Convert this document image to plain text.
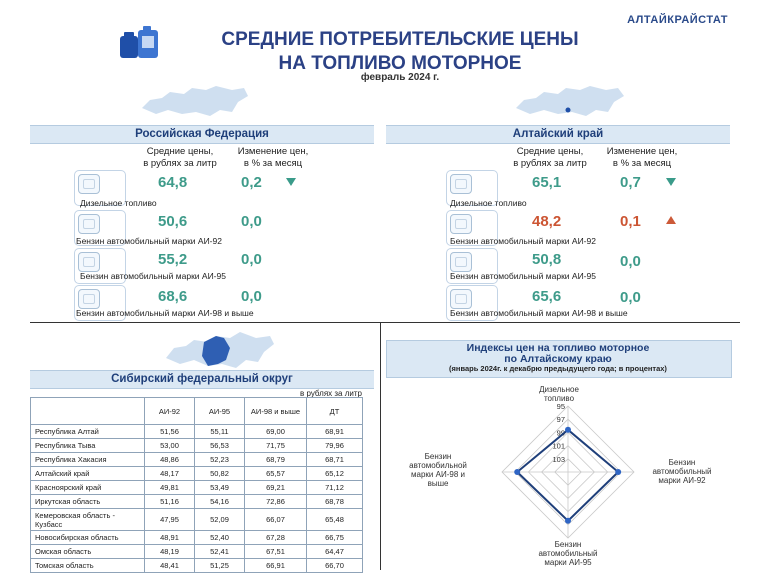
АЛТАЙКРАЙСТАТ
СРЕДНИЕ ПОТРЕБИТЕЛЬСКИЕ ЦЕНЫ
НА ТОПЛИВО МОТОРНОЕ
февраль 2024 г.
Российская Федерация
Средние цены,
в рублях за литр
Изменение цен,
в % за месяц
Алтайский край
Средние цены,
в рублях за литр
Изменение цен,
в % за месяц
64,8	0,2
Дизельное топливо
50,6	0,0
Бензин автомобильный марки АИ-92
55,2	0,0
Бензин автомобильный марки АИ-95
68,6	0,0
Бензин автомобильный марки АИ-98 и выше
65,1	0,7
Дизельное топливо
48,2	0,1
Бензин автомобильный марки АИ-92
50,8	0,0
Бензин автомобильный марки АИ-95
65,6	0,0
Бензин автомобильный марки АИ-98 и выше
Сибирский федеральный округ
в рублях за литр
	АИ-92	АИ-95	АИ-98 и выше	ДТ
Республика Алтай	51,56	55,11	69,00	68,91
Республика Тыва	53,00	56,53	71,75	79,96
Республика Хакасия	48,86	52,23	68,79	68,71
Алтайский край	48,17	50,82	65,57	65,12
Красноярский край	49,81	53,49	69,21	71,12
Иркутская область	51,16	54,16	72,86	68,78
Кемеровская область - Кузбасс	47,95	52,09	66,07	65,48
Новосибирская область	48,91	52,40	67,28	66,75
Омская область	48,19	52,41	67,51	64,47
Томская область	48,41	51,25	66,91	66,70
Индексы цен на топливо моторное
по Алтайскому краю
(январь 2024г. к декабрю предыдущего года; в процентах)
103
101
99
97
95
Дизельное
топливо
Бензин
автомобильный
марки АИ-92
Бензин
автомобильный
марки АИ-95
Бензин
автомобильной
марки АИ-98 и
выше
